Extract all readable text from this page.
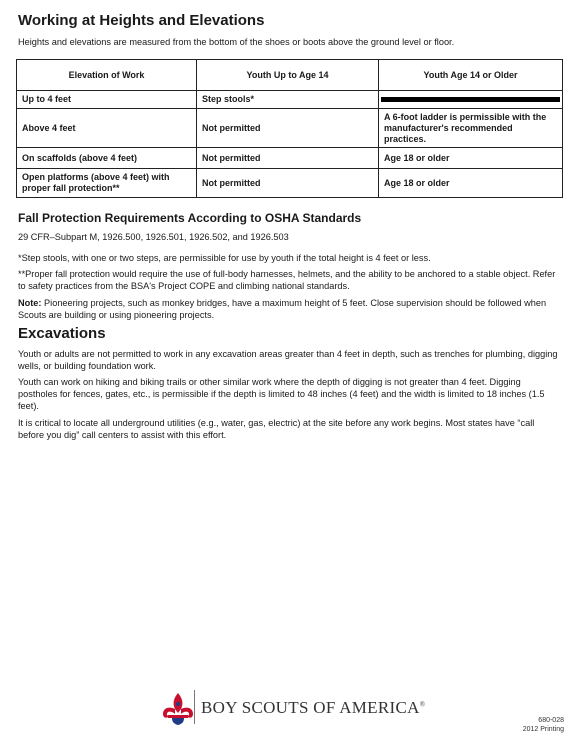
Working at Heights and Elevations

Heights and elevations are measured from the bottom of the shoes or boots above the ground level or floor.

Elevation of Work	Youth Up to Age 14	Youth Age 14 or Older
Up to 4 feet	Step stools*	

Above 4 feet	Not permitted	A 6-foot ladder is permissible with the manufacturer's recommended practices.
On scaffolds (above 4 feet)	Not permitted	Age 18 or older
Open platforms (above 4 feet) with proper fall protection**	Not permitted	Age 18 or older
Fall Protection Requirements According to OSHA Standards

29 CFR–Subpart M, 1926.500, 1926.501, 1926.502, and 1926.503

*Step stools, with one or two steps, are permissible for use by youth if the total height is 4 feet or less.

**Proper fall protection would require the use of full-body harnesses, helmets, and the ability to be anchored to a stable object. Refer to safety practices from the BSA's Project COPE and climbing national standards.

Note: Pioneering projects, such as monkey bridges, have a maximum height of 5 feet. Close supervision should be followed when Scouts are building or using pioneering projects.

Excavations

Youth or adults are not permitted to work in any excavation areas greater than 4 feet in depth, such as trenches for plumbing, digging wells, or building foundation work.

Youth can work on hiking and biking trails or other similar work where the depth of digging is not greater than 4 feet. Digging postholes for fences, gates, etc., is permissible if the depth is limited to 48 inches (4 feet) and the width is limited to 18 inches (1.5 feet).

It is critical to locate all underground utilities (e.g., water, gas, electric) at the site before any work begins. Most states have “call before you dig” call centers to assist with this effort.

BOY SCOUTS OF AMERICA®
680-028
2012 Printing
